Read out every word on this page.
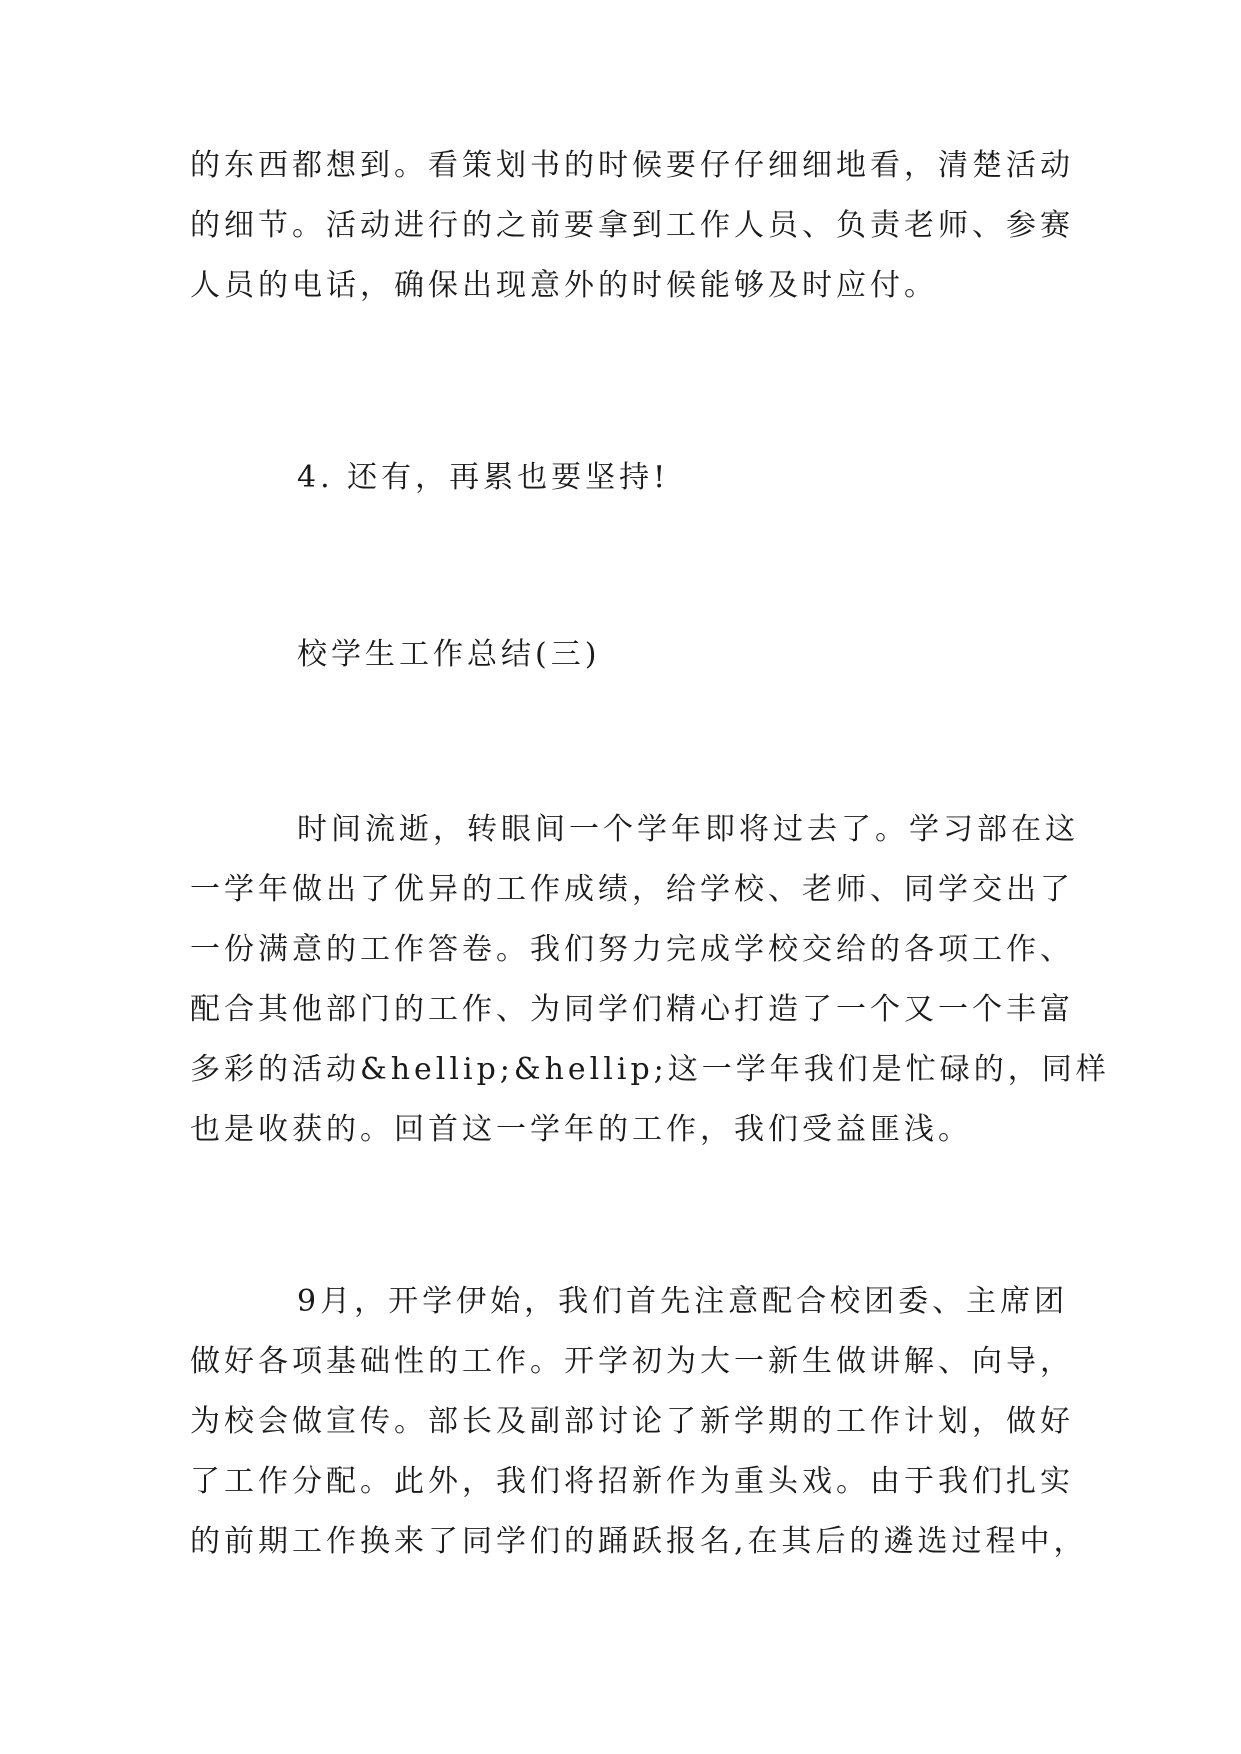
的东西都想到。看策划书的时候要仔仔细细地看，清楚活动
的细节。活动进行的之前要拿到工作人员、负责老师、参赛
人员的电话，确保出现意外的时候能够及时应付。
4. 还有，再累也要坚持!
校学生工作总结(三)
时间流逝，转眼间一个学年即将过去了。学习部在这
一学年做出了优异的工作成绩，给学校、老师、同学交出了
一份满意的工作答卷。我们努力完成学校交给的各项工作、
配合其他部门的工作、为同学们精心打造了一个又一个丰富
多彩的活动&hellip;&hellip;这一学年我们是忙碌的，同样
也是收获的。回首这一学年的工作，我们受益匪浅。
9月，开学伊始，我们首先注意配合校团委、主席团
做好各项基础性的工作。开学初为大一新生做讲解、向导，
为校会做宣传。部长及副部讨论了新学期的工作计划，做好
了工作分配。此外，我们将招新作为重头戏。由于我们扎实
的前期工作换来了同学们的踊跃报名,在其后的遴选过程中，
